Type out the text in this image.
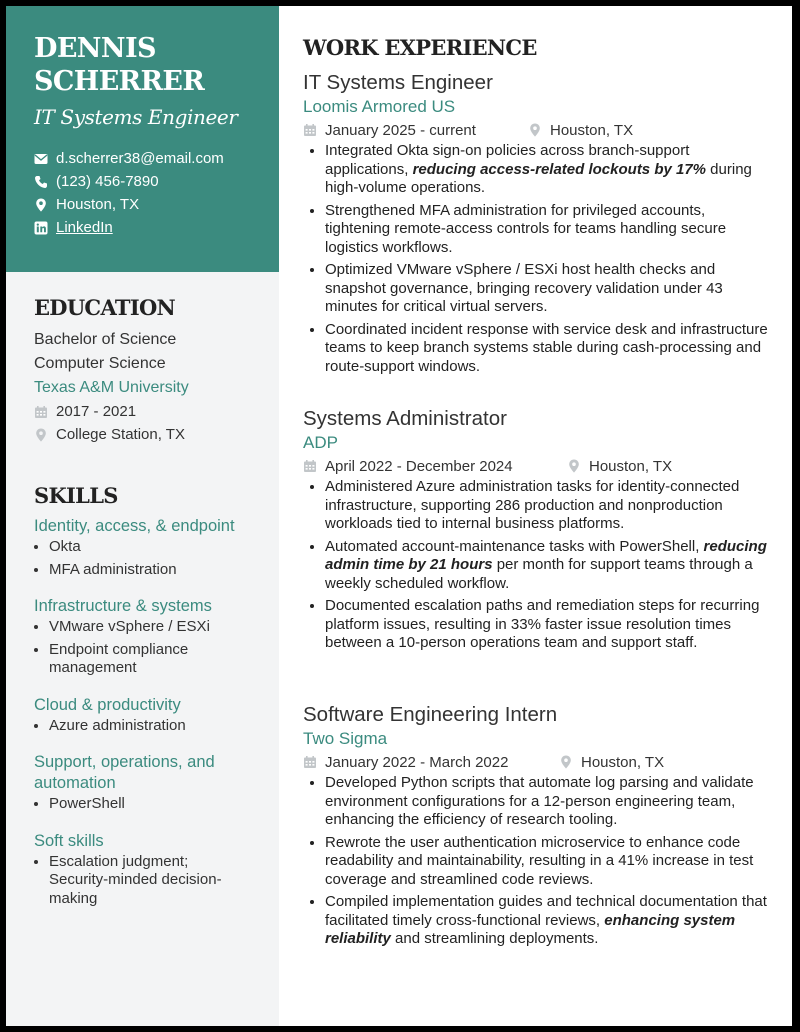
DENNIS
SCHERRER
IT Systems Engineer
d.scherrer38@email.com
(123) 456-7890
Houston, TX
LinkedIn
EDUCATION
Bachelor of Science
Computer Science
Texas A&M University
2017 - 2021
College Station, TX
SKILLS
Identity, access, & endpoint
• Okta
• MFA administration
Infrastructure & systems
• VMware vSphere / ESXi
• Endpoint compliance management
Cloud & productivity
• Azure administration
Support, operations, and automation
• PowerShell
Soft skills
• Escalation judgment; Security-minded decision-making
WORK EXPERIENCE
IT Systems Engineer
Loomis Armored US
January 2025 - current	Houston, TX
• Integrated Okta sign-on policies across branch-support applications, reducing access-related lockouts by 17% during high-volume operations.
• Strengthened MFA administration for privileged accounts, tightening remote-access controls for teams handling secure logistics workflows.
• Optimized VMware vSphere / ESXi host health checks and snapshot governance, bringing recovery validation under 43 minutes for critical virtual servers.
• Coordinated incident response with service desk and infrastructure teams to keep branch systems stable during cash-processing and route-support windows.
Systems Administrator
ADP
April 2022 - December 2024	Houston, TX
• Administered Azure administration tasks for identity-connected infrastructure, supporting 286 production and nonproduction workloads tied to internal business platforms.
• Automated account-maintenance tasks with PowerShell, reducing admin time by 21 hours per month for support teams through a weekly scheduled workflow.
• Documented escalation paths and remediation steps for recurring platform issues, resulting in 33% faster issue resolution times between a 10-person operations team and support staff.
Software Engineering Intern
Two Sigma
January 2022 - March 2022	Houston, TX
• Developed Python scripts that automate log parsing and validate environment configurations for a 12-person engineering team, enhancing the efficiency of research tooling.
• Rewrote the user authentication microservice to enhance code readability and maintainability, resulting in a 41% increase in test coverage and streamlined code reviews.
• Compiled implementation guides and technical documentation that facilitated timely cross-functional reviews, enhancing system reliability and streamlining deployments.
